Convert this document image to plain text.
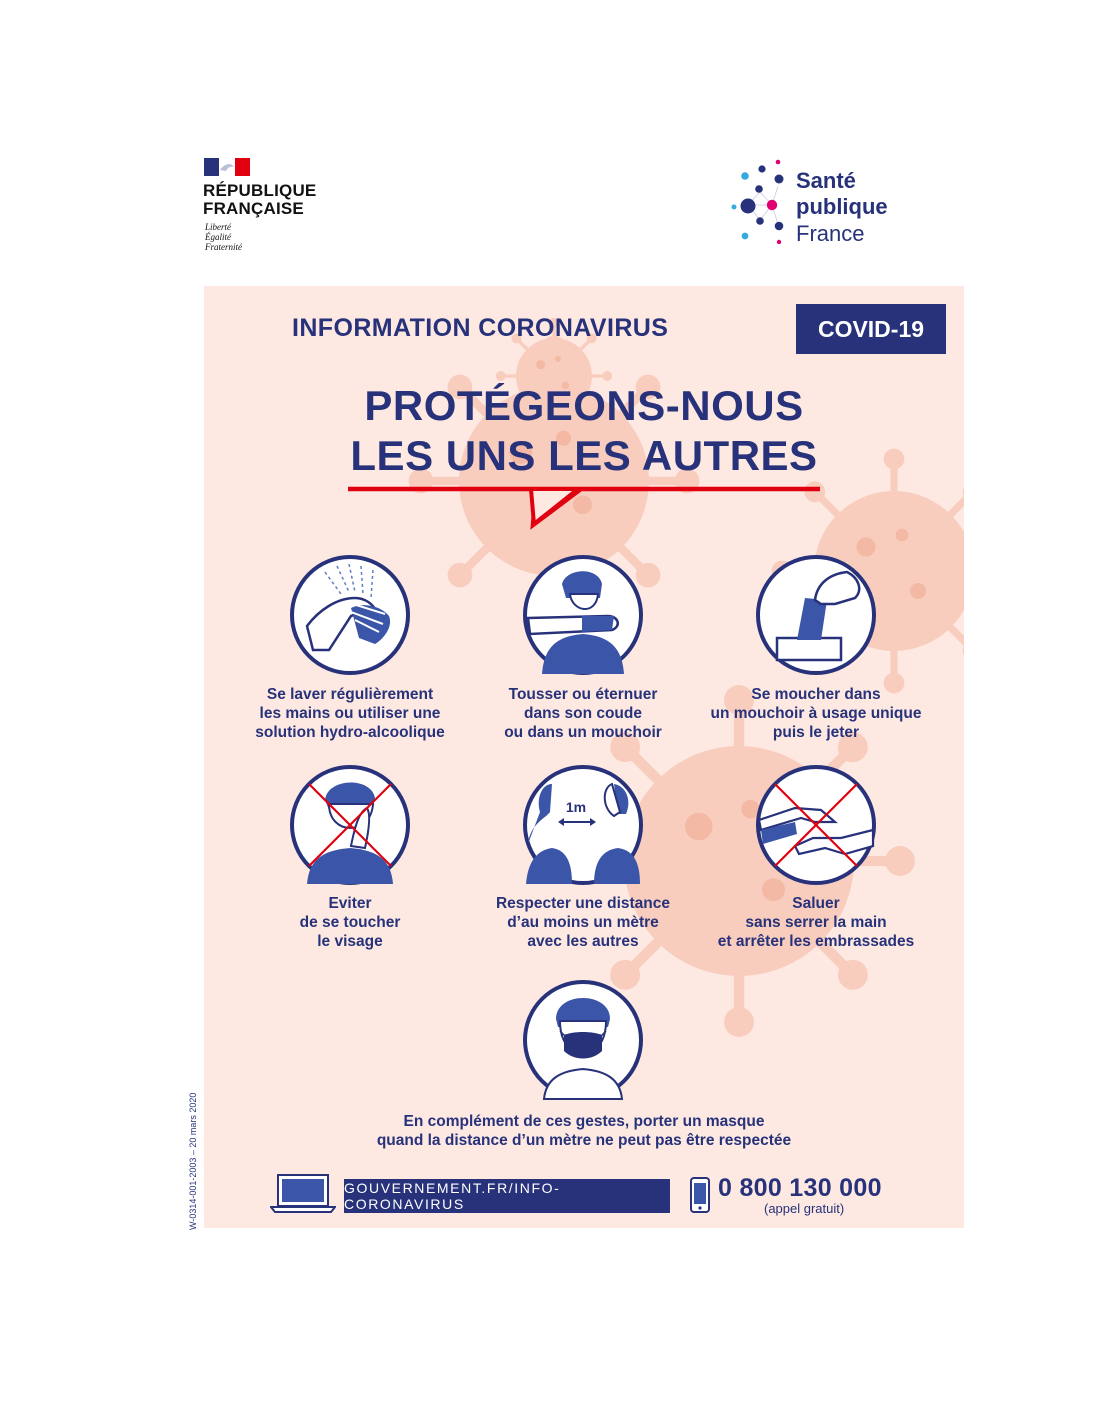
RÉPUBLIQUE
FRANÇAISE
Liberté
Égalité
Fraternité
Santé
publique
France
INFORMATION CORONAVIRUS	COVID-19
PROTÉGEONS-NOUS
LES UNS LES AUTRES
Se laver régulièrement
les mains ou utiliser une
solution hydro-alcoolique
Tousser ou éternuer
dans son coude
ou dans un mouchoir
Se moucher dans
un mouchoir à usage unique
puis le jeter
1m
Eviter
de se toucher
le visage
Respecter une distance
d’au moins un mètre
avec les autres
Saluer
sans serrer la main
et arrêter les embrassades
En complément de ces gestes, porter un masque
quand la distance d’un mètre ne peut pas être respectée
GOUVERNEMENT.FR/INFO-CORONAVIRUS
0 800 130 000
(appel gratuit)
W-0314-001-2003 – 20 mars 2020
